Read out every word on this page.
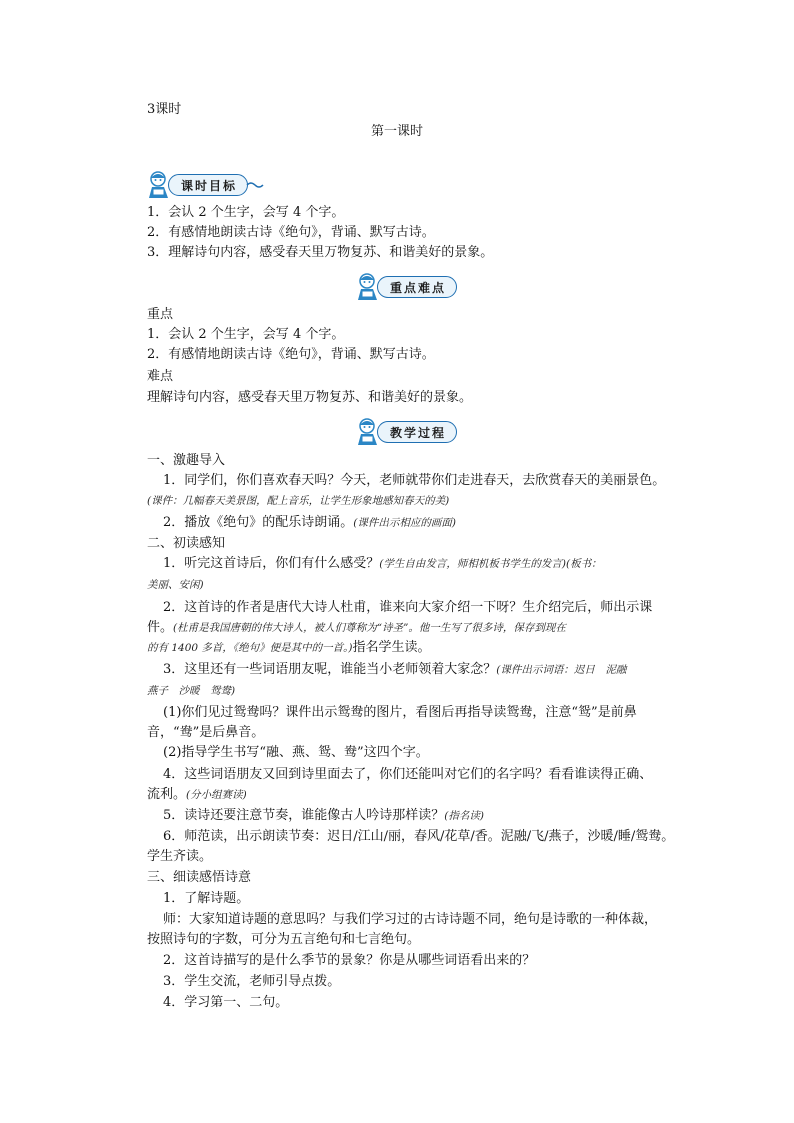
3课时
第一课时
课时目标
1．会认 2 个生字，会写 4 个字。
2．有感情地朗读古诗《绝句》，背诵、默写古诗。
3．理解诗句内容，感受春天里万物复苏、和谐美好的景象。
重点难点
重点
1．会认 2 个生字，会写 4 个字。
2．有感情地朗读古诗《绝句》，背诵、默写古诗。
难点
理解诗句内容，感受春天里万物复苏、和谐美好的景象。
教学过程
一、激趣导入
1．同学们，你们喜欢春天吗？今天，老师就带你们走进春天，去欣赏春天的美丽景色。
(课件：几幅春天美景图，配上音乐，让学生形象地感知春天的美)
2．播放《绝句》的配乐诗朗诵。(课件出示相应的画面)
二、初读感知
1．听完这首诗后，你们有什么感受？(学生自由发言，师相机板书学生的发言)(板书：
美丽、安闲)
2．这首诗的作者是唐代大诗人杜甫，谁来向大家介绍一下呀？生介绍完后，师出示课
件。(杜甫是我国唐朝的伟大诗人，被人们尊称为“诗圣”。他一生写了很多诗，保存到现在
的有 1400 多首，《绝句》便是其中的一首。)指名学生读。
3．这里还有一些词语朋友呢，谁能当小老师领着大家念？(课件出示词语：迟日　泥融
燕子　沙暖　鸳鸯)
(1)你们见过鸳鸯吗？课件出示鸳鸯的图片，看图后再指导读鸳鸯，注意“鸳”是前鼻
音，“鸯”是后鼻音。
(2)指导学生书写“融、燕、鸳、鸯”这四个字。
4．这些词语朋友又回到诗里面去了，你们还能叫对它们的名字吗？看看谁读得正确、
流利。(分小组赛读)
5．读诗还要注意节奏，谁能像古人吟诗那样读？(指名读)
6．师范读，出示朗读节奏：迟日/江山/丽，春风/花草/香。泥融/飞/燕子，沙暖/睡/鸳鸯。
学生齐读。
三、细读感悟诗意
1．了解诗题。
师：大家知道诗题的意思吗？与我们学习过的古诗诗题不同，绝句是诗歌的一种体裁，
按照诗句的字数，可分为五言绝句和七言绝句。
2．这首诗描写的是什么季节的景象？你是从哪些词语看出来的？
3．学生交流，老师引导点拨。
4．学习第一、二句。
